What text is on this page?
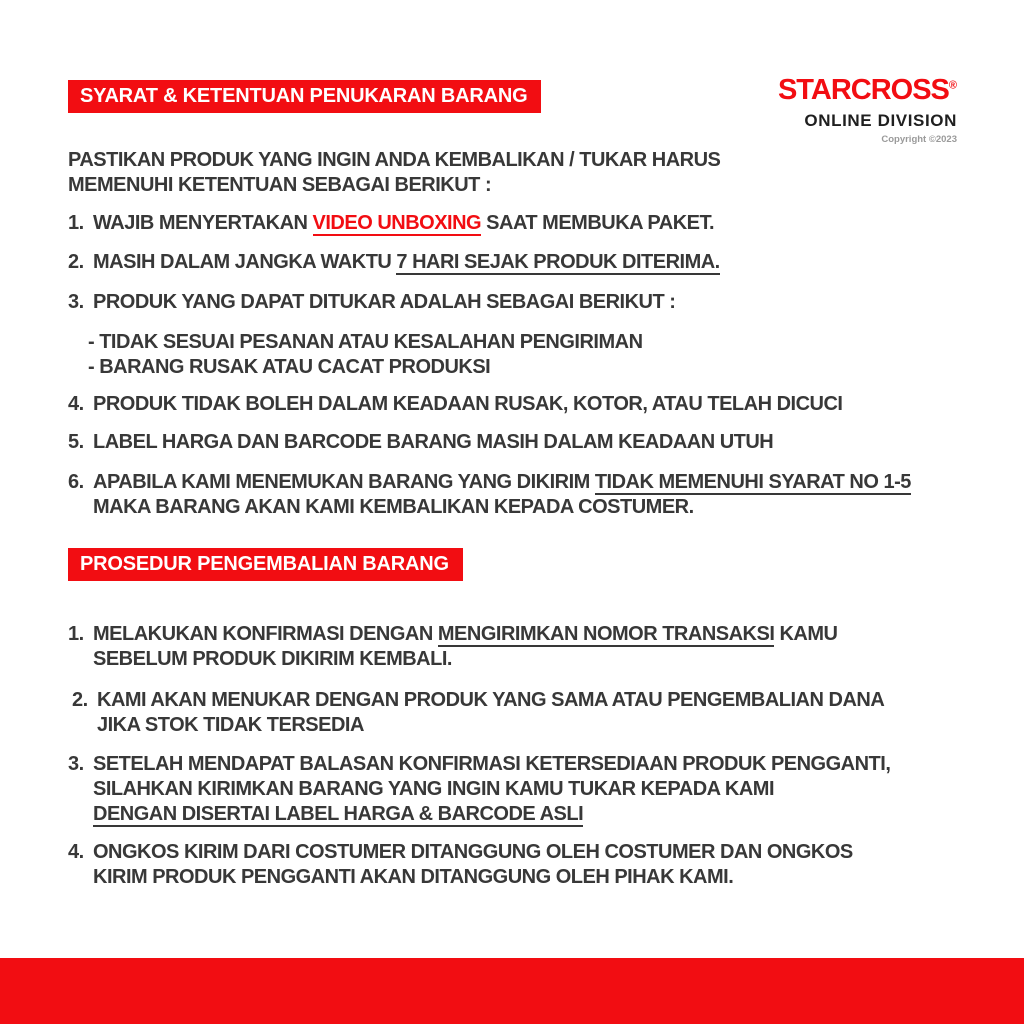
STARCROSS®
ONLINE DIVISION
Copyright ©2023
SYARAT & KETENTUAN PENUKARAN BARANG
PASTIKAN PRODUK YANG INGIN ANDA KEMBALIKAN / TUKAR HARUS
MEMENUHI KETENTUAN SEBAGAI BERIKUT :
1. WAJIB MENYERTAKAN VIDEO UNBOXING SAAT MEMBUKA PAKET.
2. MASIH DALAM JANGKA WAKTU 7 HARI SEJAK PRODUK DITERIMA.
3. PRODUK YANG DAPAT DITUKAR ADALAH SEBAGAI BERIKUT :
- TIDAK SESUAI PESANAN ATAU KESALAHAN PENGIRIMAN
- BARANG RUSAK ATAU CACAT PRODUKSI
4. PRODUK TIDAK BOLEH DALAM KEADAAN RUSAK, KOTOR, ATAU TELAH DICUCI
5. LABEL HARGA DAN BARCODE BARANG MASIH DALAM KEADAAN UTUH
6. APABILA KAMI MENEMUKAN BARANG YANG DIKIRIM TIDAK MEMENUHI SYARAT NO 1-5
MAKA BARANG AKAN KAMI KEMBALIKAN KEPADA COSTUMER.
PROSEDUR PENGEMBALIAN BARANG
1. MELAKUKAN KONFIRMASI DENGAN MENGIRIMKAN NOMOR TRANSAKSI KAMU
SEBELUM PRODUK DIKIRIM KEMBALI.
2. KAMI AKAN MENUKAR DENGAN PRODUK YANG SAMA ATAU PENGEMBALIAN DANA
JIKA STOK TIDAK TERSEDIA
3. SETELAH MENDAPAT BALASAN KONFIRMASI KETERSEDIAAN PRODUK PENGGANTI,
SILAHKAN KIRIMKAN BARANG YANG INGIN KAMU TUKAR KEPADA KAMI
DENGAN DISERTAI LABEL HARGA & BARCODE ASLI
4. ONGKOS KIRIM DARI COSTUMER DITANGGUNG OLEH COSTUMER DAN ONGKOS
KIRIM PRODUK PENGGANTI AKAN DITANGGUNG OLEH PIHAK KAMI.
